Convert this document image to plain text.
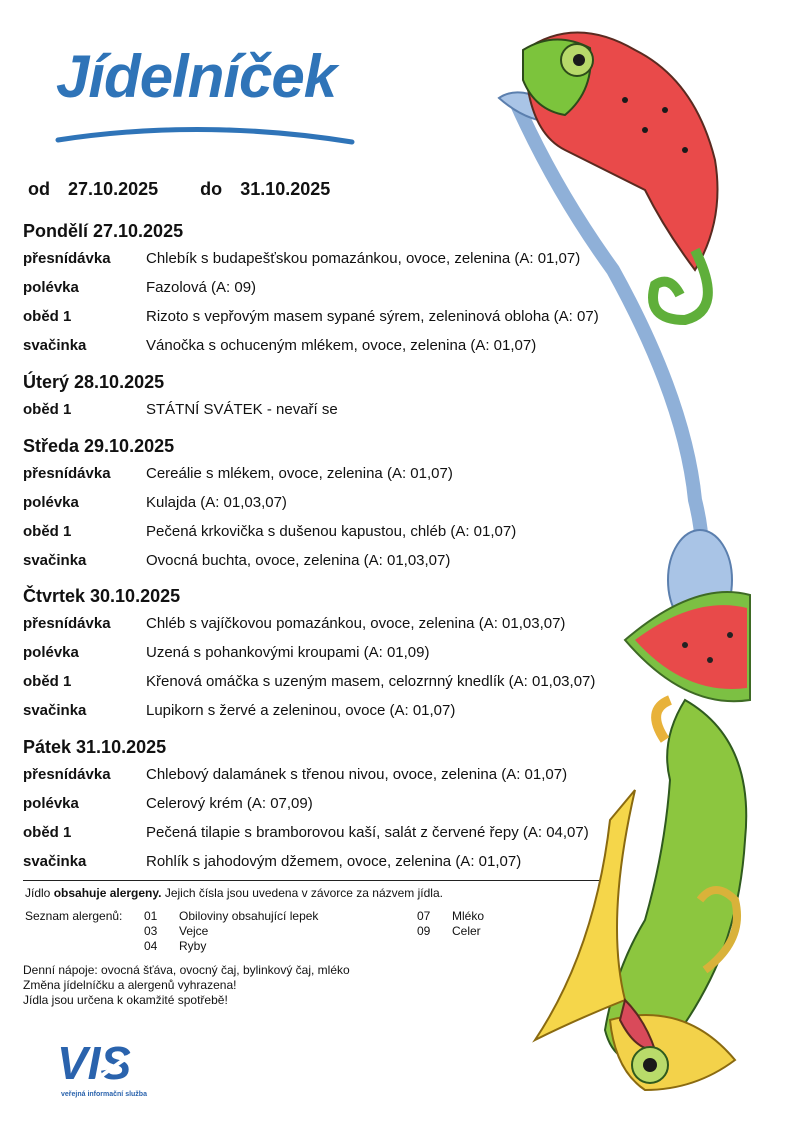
Jídelníček
od 27.10.2025 do 31.10.2025
Pondělí 27.10.2025
přesnídávka Chlebík s budapešťskou pomazánkou, ovoce, zelenina (A: 01,07)
polévka	Fazolová (A: 09)
oběd 1	Rizoto s vepřovým masem sypané sýrem, zeleninová obloha (A: 07)
svačinka	Vánočka s ochuceným mlékem, ovoce, zelenina (A: 01,07)
Úterý 28.10.2025
oběd 1	STÁTNÍ SVÁTEK - nevaří se
Středa 29.10.2025
přesnídávka Cereálie s mlékem, ovoce, zelenina (A: 01,07)
polévka	Kulajda (A: 01,03,07)
oběd 1	Pečená krkovička s dušenou kapustou, chléb (A: 01,07)
svačinka	Ovocná buchta, ovoce, zelenina (A: 01,03,07)
Čtvrtek 30.10.2025
přesnídávka Chléb s vajíčkovou pomazánkou, ovoce, zelenina (A: 01,03,07)
polévka	Uzená s pohankovými kroupami (A: 01,09)
oběd 1	Křenová omáčka s uzeným masem, celozrnný knedlík (A: 01,03,07)
svačinka	Lupikorn s žervé a zeleninou, ovoce (A: 01,07)
Pátek 31.10.2025
přesnídávka Chlebový dalamánek s třenou nivou, ovoce, zelenina (A: 01,07)
polévka	Celerový krém (A: 07,09)
oběd 1	Pečená tilapie s bramborovou kaší, salát z červené řepy (A: 04,07)
svačinka	Rohlík s jahodovým džemem, ovoce, zelenina (A: 01,07)
Jídlo obsahuje alergeny. Jejich čísla jsou uvedena v závorce za názvem jídla.
Seznam alergenů: 01 Obiloviny obsahující lepek
03 Vejce
04 Ryby
07 Mléko
09 Celer
Denní nápoje: ovocná šťáva, ovocný čaj, bylinkový čaj, mléko
Změna jídelníčku a alergenů vyhrazena!
Jídla jsou určena k okamžité spotřebě!
VIS
veřejná informační služba
